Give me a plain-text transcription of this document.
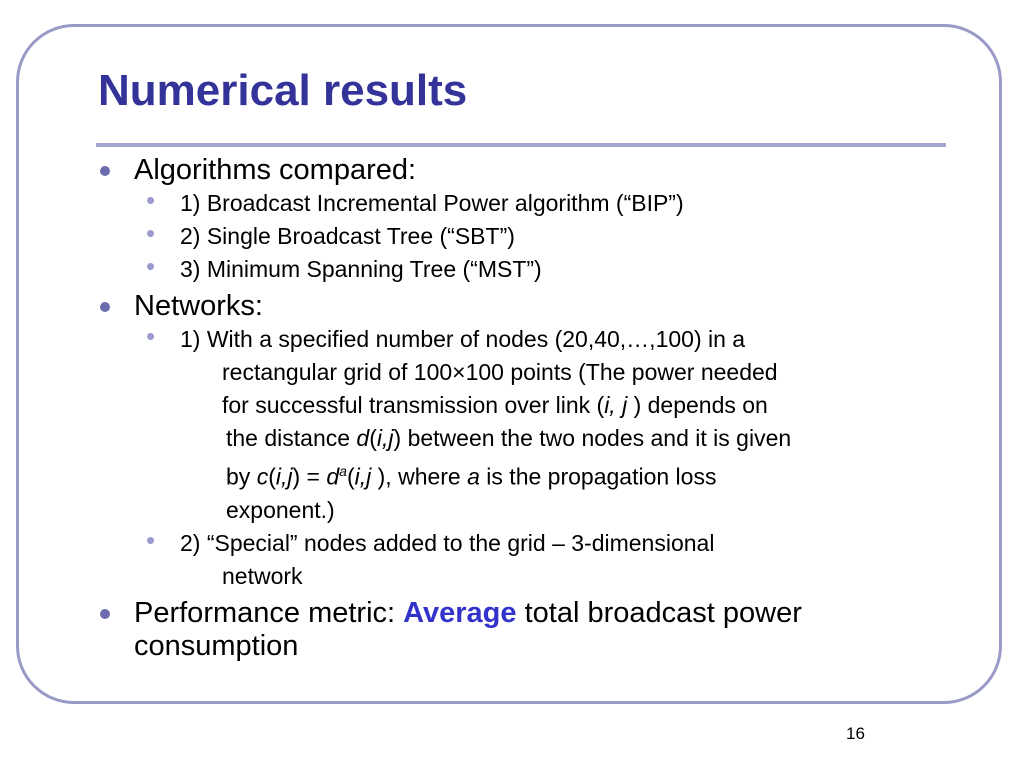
Numerical results
Algorithms compared:
• 1) Broadcast Incremental Power algorithm (“BIP”)
• 2) Single Broadcast Tree (“SBT”)
• 3) Minimum Spanning Tree (“MST”)
Networks:
• 1) With a specified number of nodes (20,40,…,100) in a
rectangular grid of 100×100 points (The power needed
for successful transmission over link (i, j ) depends on
the distance d(i,j) between the two nodes and it is given
by $c(i,j) = d^a(i,j$ ), where a is the propagation loss
exponent.)
• 2) “Special” nodes added to the grid – 3-dimensional
network
Performance metric: Average total broadcast power
consumption
16
